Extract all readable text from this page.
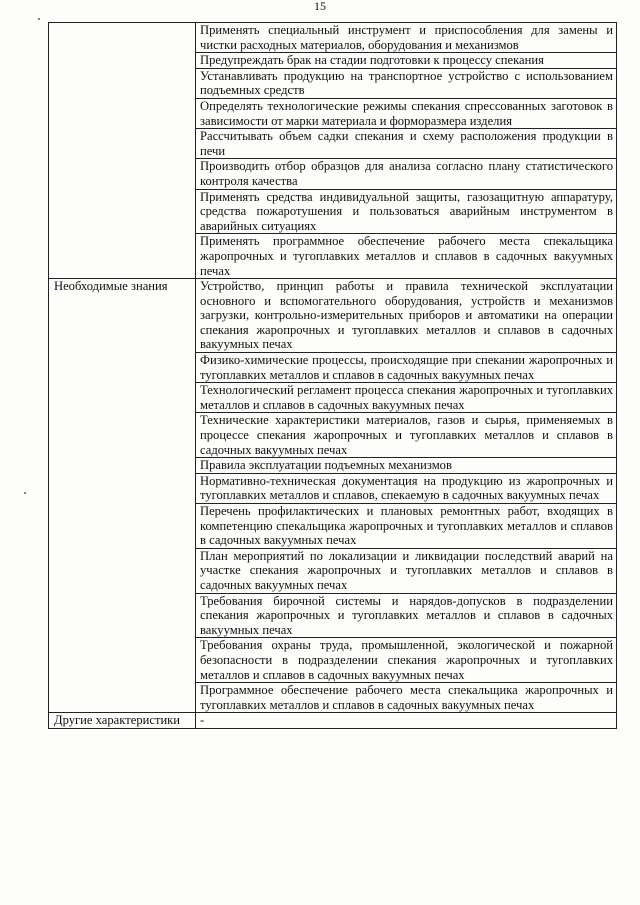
15
	Применять специальный инструмент и приспособления для замены и чистки расходных материалов, оборудования и механизмов
	Предупреждать брак на стадии подготовки к процессу спекания
	Устанавливать продукцию на транспортное устройство с использованием подъемных средств
	Определять технологические режимы спекания спрессованных заготовок в зависимости от марки материала и формоpазмера изделия
	Рассчитывать объем садки спекания и схему расположения продукции в печи
	Производить отбор образцов для анализа согласно плану статистического контроля качества
	Применять средства индивидуальной защиты, газозащитную аппаратуру, средства пожаротушения и пользоваться аварийным инструментом в аварийных ситуациях
	Применять программное обеспечение рабочего места спекальщика жаропрочных и тугоплавких металлов и сплавов в садочных вакуумных печах
Необходимые знания	Устройство, принцип работы и правила технической эксплуатации основного и вспомогательного оборудования, устройств и механизмов загрузки, контрольно-измерительных приборов и автоматики на операции спекания жаропрочных и тугоплавких металлов и сплавов в садочных вакуумных печах
	Физико-химические процессы, происходящие при спекании жаропрочных и тугоплавких металлов и сплавов в садочных вакуумных печах
	Технологический регламент процесса спекания жаропрочных и тугоплавких металлов и сплавов в садочных вакуумных печах
	Технические характеристики материалов, газов и сырья, применяемых в процессе спекания жаропрочных и тугоплавких металлов и сплавов в садочных вакуумных печах
	Правила эксплуатации подъемных механизмов
	Нормативно-техническая документация на продукцию из жаропрочных и тугоплавких металлов и сплавов, спекаемую в садочных вакуумных печах
	Перечень профилактических и плановых ремонтных работ, входящих в компетенцию спекальщика жаропрочных и тугоплавких металлов и сплавов в садочных вакуумных печах
	План мероприятий по локализации и ликвидации последствий аварий на участке спекания жаропрочных и тугоплавких металлов и сплавов в садочных вакуумных печах
	Требования бирочной системы и нарядов-допусков в подразделении спекания жаропрочных и тугоплавких металлов и сплавов в садочных вакуумных печах
	Требования охраны труда, промышленной, экологической и пожарной безопасности в подразделении спекания жаропрочных и тугоплавких металлов и сплавов в садочных вакуумных печах
	Программное обеспечение рабочего места спекальщика жаропрочных и тугоплавких металлов и сплавов в садочных вакуумных печах
Другие характеристики	-
